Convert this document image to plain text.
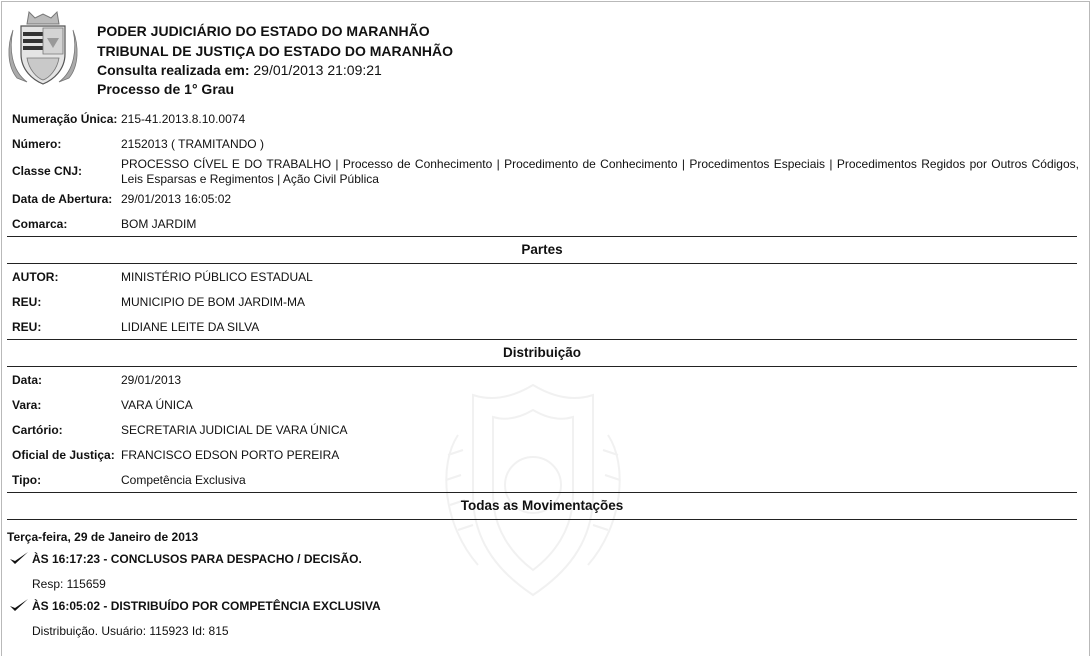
PODER JUDICIÁRIO DO ESTADO DO MARANHÃO
TRIBUNAL DE JUSTIÇA DO ESTADO DO MARANHÃO
Consulta realizada em: 29/01/2013 21:09:21
Processo de 1° Grau
Numeração Única: 215-41.2013.8.10.0074
Número:	2152013 ( TRAMITANDO )
Classe CNJ:	PROCESSO CÍVEL E DO TRABALHO | Processo de Conhecimento | Procedimento de Conhecimento | Procedimentos Especiais | Procedimentos Regidos por Outros Códigos, Leis Esparsas e Regimentos | Ação Civil Pública
Data de Abertura: 29/01/2013 16:05:02
Comarca:	BOM JARDIM
Partes
AUTOR:	MINISTÉRIO PÚBLICO ESTADUAL
REU:	MUNICIPIO DE BOM JARDIM-MA
REU:	LIDIANE LEITE DA SILVA
Distribuição
Data:	29/01/2013
Vara:	VARA ÚNICA
Cartório:	SECRETARIA JUDICIAL DE VARA ÚNICA
Oficial de Justiça: FRANCISCO EDSON PORTO PEREIRA
Tipo:	Competência Exclusiva
Todas as Movimentações
Terça-feira, 29 de Janeiro de 2013
ÀS 16:17:23 - CONCLUSOS PARA DESPACHO / DECISÃO.
Resp: 115659
ÀS 16:05:02 - DISTRIBUÍDO POR COMPETÊNCIA EXCLUSIVA
Distribuição. Usuário: 115923 Id: 815
